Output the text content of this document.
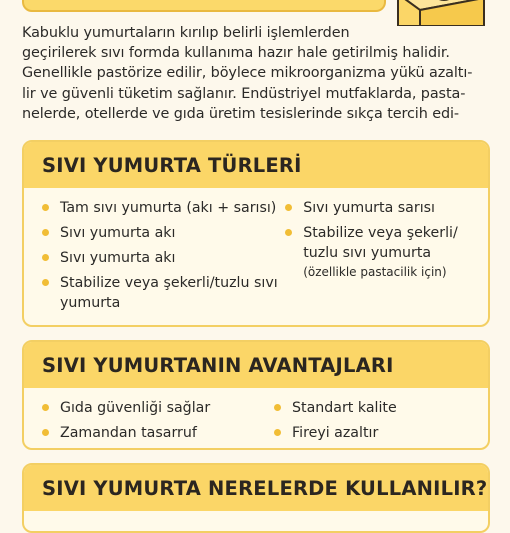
Kabuklu yumurtaların kırılıp belirli işlemlerden
geçirilerek sıvı formda kullanıma hazır hale getirilmiş halidir.
Genellikle pastörize edilir, böylece mikroorganizma yükü azaltı-
lir ve güvenli tüketim sağlanır. Endüstriyel mutfaklarda, pasta-
nelerde, otellerde ve gıda üretim tesislerinde sıkça tercih edi-

SIVI YUMURTA TÜRLERİ
Tam sıvı yumurta (akı + sarısı)
Sıvı yumurta akı
Sıvı yumurta akı
Stabilize veya şekerli/tuzlu sıvı yumurta
Sıvı yumurta sarısı
Stabilize veya şekerli/ tuzlu sıvı yumurta
(özellikle pastacilik için)
SIVI YUMURTANIN AVANTAJLARI
Gıda güvenliği sağlar
Zamandan tasarruf
Standart kalite
Fireyi azaltır
SIVI YUMURTA NERELERDE KULLANILIR?
